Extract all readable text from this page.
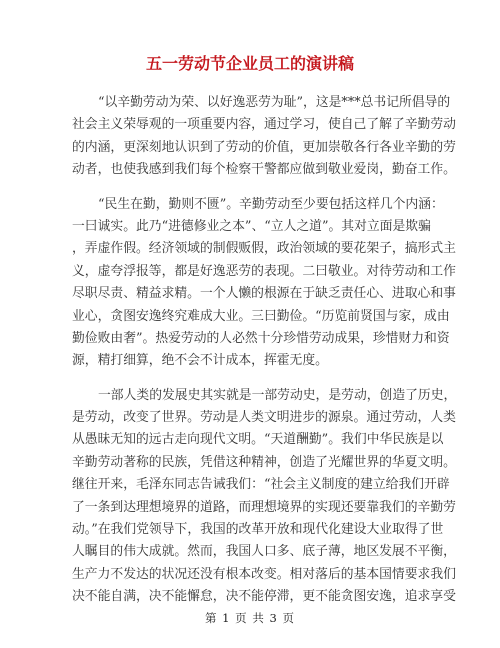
五一劳动节企业员工的演讲稿
“以辛勤劳动为荣、以好逸恶劳为耻”，这是***总书记所倡导的
社会主义荣辱观的一项重要内容，通过学习，使自己了解了辛勤劳动
的内涵，更深刻地认识到了劳动的价值，更加崇敬各行各业辛勤的劳
动者，也使我感到我们每个检察干警都应做到敬业爱岗，勤奋工作。
“民生在勤，勤则不匮”。辛勤劳动至少要包括这样几个内涵：
一曰诚实。此乃“进德修业之本”、“立人之道”。其对立面是欺骗
，弄虚作假。经济领域的制假贩假，政治领域的要花架子，搞形式主
义，虚夸浮报等，都是好逸恶劳的表现。二曰敬业。对待劳动和工作
尽职尽责、精益求精。一个人懒的根源在于缺乏责任心、进取心和事
业心，贪图安逸终究难成大业。三曰勤俭。“历览前贤国与家，成由
勤俭败由奢”。热爱劳动的人必然十分珍惜劳动成果，珍惜财力和资
源，精打细算，绝不会不计成本，挥霍无度。
一部人类的发展史其实就是一部劳动史，是劳动，创造了历史，
是劳动，改变了世界。劳动是人类文明进步的源泉。通过劳动，人类
从愚昧无知的远古走向现代文明。“天道酬勤”。我们中华民族是以
辛勤劳动著称的民族，凭借这种精神，创造了光耀世界的华夏文明。
继往开来，毛泽东同志告诫我们：“社会主义制度的建立给我们开辟
了一条到达理想境界的道路，而理想境界的实现还要靠我们的辛勤劳
动。”在我们党领导下，我国的改革开放和现代化建设大业取得了世
人瞩目的伟大成就。然而，我国人口多、底子薄，地区发展不平衡，
生产力不发达的状况还没有根本改变。相对落后的基本国情要求我们
决不能自满，决不能懈怠，决不能停滞，更不能贪图安逸，追求享受
第 1 页 共 3 页
